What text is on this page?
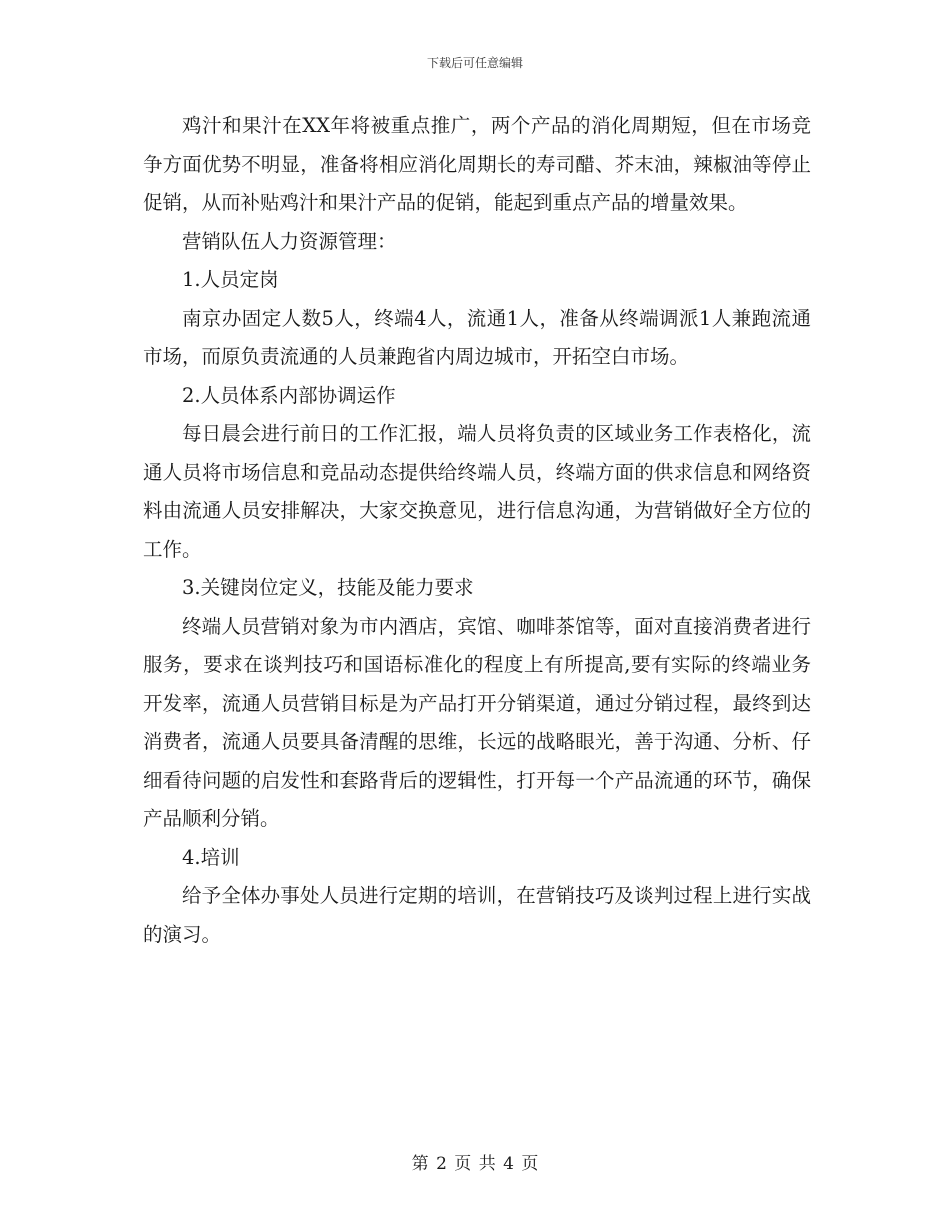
下载后可任意编辑

鸡汁和果汁在XX年将被重点推广，两个产品的消化周期短，但在市场竞争方面优势不明显，准备将相应消化周期长的寿司醋、芥末油，辣椒油等停止促销，从而补贴鸡汁和果汁产品的促销，能起到重点产品的增量效果。

营销队伍人力资源管理：

1.人员定岗

南京办固定人数5人，终端4人，流通1人，准备从终端调派1人兼跑流通市场，而原负责流通的人员兼跑省内周边城市，开拓空白市场。

2.人员体系内部协调运作

每日晨会进行前日的工作汇报，端人员将负责的区域业务工作表格化，流通人员将市场信息和竞品动态提供给终端人员，终端方面的供求信息和网络资料由流通人员安排解决，大家交换意见，进行信息沟通，为营销做好全方位的工作。

3.关键岗位定义，技能及能力要求

终端人员营销对象为市内酒店，宾馆、咖啡茶馆等，面对直接消费者进行服务，要求在谈判技巧和国语标准化的程度上有所提高,要有实际的终端业务开发率，流通人员营销目标是为产品打开分销渠道，通过分销过程，最终到达消费者，流通人员要具备清醒的思维，长远的战略眼光，善于沟通、分析、仔细看待问题的启发性和套路背后的逻辑性，打开每一个产品流通的环节，确保产品顺利分销。

4.培训

给予全体办事处人员进行定期的培训，在营销技巧及谈判过程上进行实战的演习。

第 2 页 共 4 页
